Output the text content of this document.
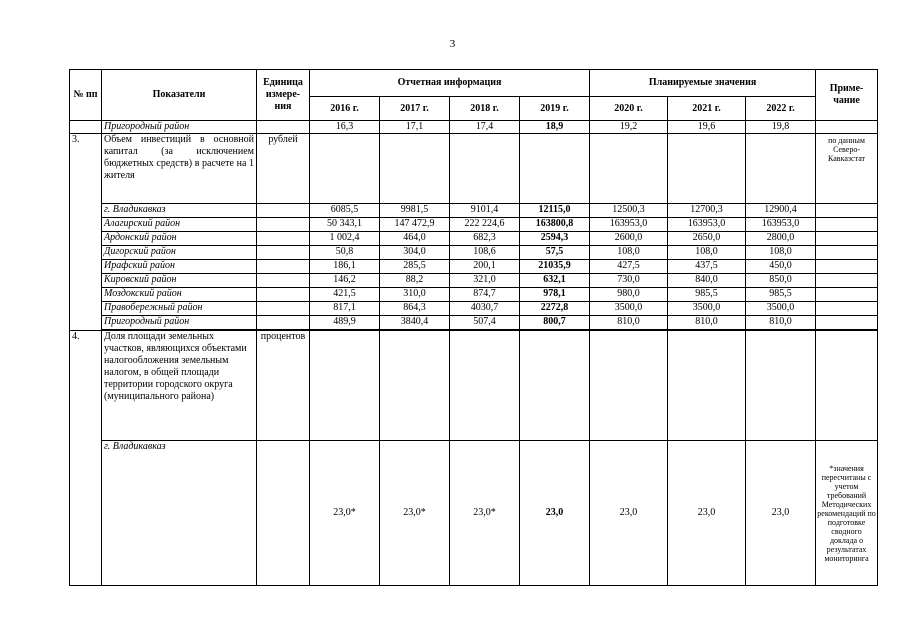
3
№ пп	Показатели	Единица измере-ния	Отчетная информация				Планируемые значения			Приме-чание
			2016 г.	2017 г.	2018 г.	2019 г.	2020 г.	2021 г.	2022 г.	
	Пригородный район		16,3	17,1	17,4	18,9	19,2	19,6	19,8	
3.	Объем инвестиций в основной капитал (за исключением бюджетных средств) в расчете на 1 жителя	рублей								по данным Северо-Кавказстат
	г. Владикавказ		6085,5	9981,5	9101,4	12115,0	12500,3	12700,3	12900,4	
	Алагирский район		50 343,1	147 472,9	222 224,6	163800,8	163953,0	163953,0	163953,0	
	Ардонский район		1 002,4	464,0	682,3	2594,3	2600,0	2650,0	2800,0	
	Дигорский район		50,8	304,0	108,6	57,5	108,0	108,0	108,0	
	Ирафский район		186,1	285,5	200,1	21035,9	427,5	437,5	450,0	
	Кировский район		146,2	88,2	321,0	632,1	730,0	840,0	850,0	
	Моздокский район		421,5	310,0	874,7	978,1	980,0	985,5	985,5	
	Правобережный район		817,1	864,3	4030,7	2272,8	3500,0	3500,0	3500,0	
	Пригородный район		489,9	3840,4	507,4	800,7	810,0	810,0	810,0	

4.	Доля площади земельных участков, являющихся объектами налогообложения земельным налогом, в общей площади территории городского округа (муниципального района)	процентов								
	г. Владикавказ		23,0*	23,0*	23,0*	23,0	23,0	23,0	23,0	*значения пересчитаны с учетом требований Методических рекомендаций по подготовке сводного доклада о результатах мониторинга
